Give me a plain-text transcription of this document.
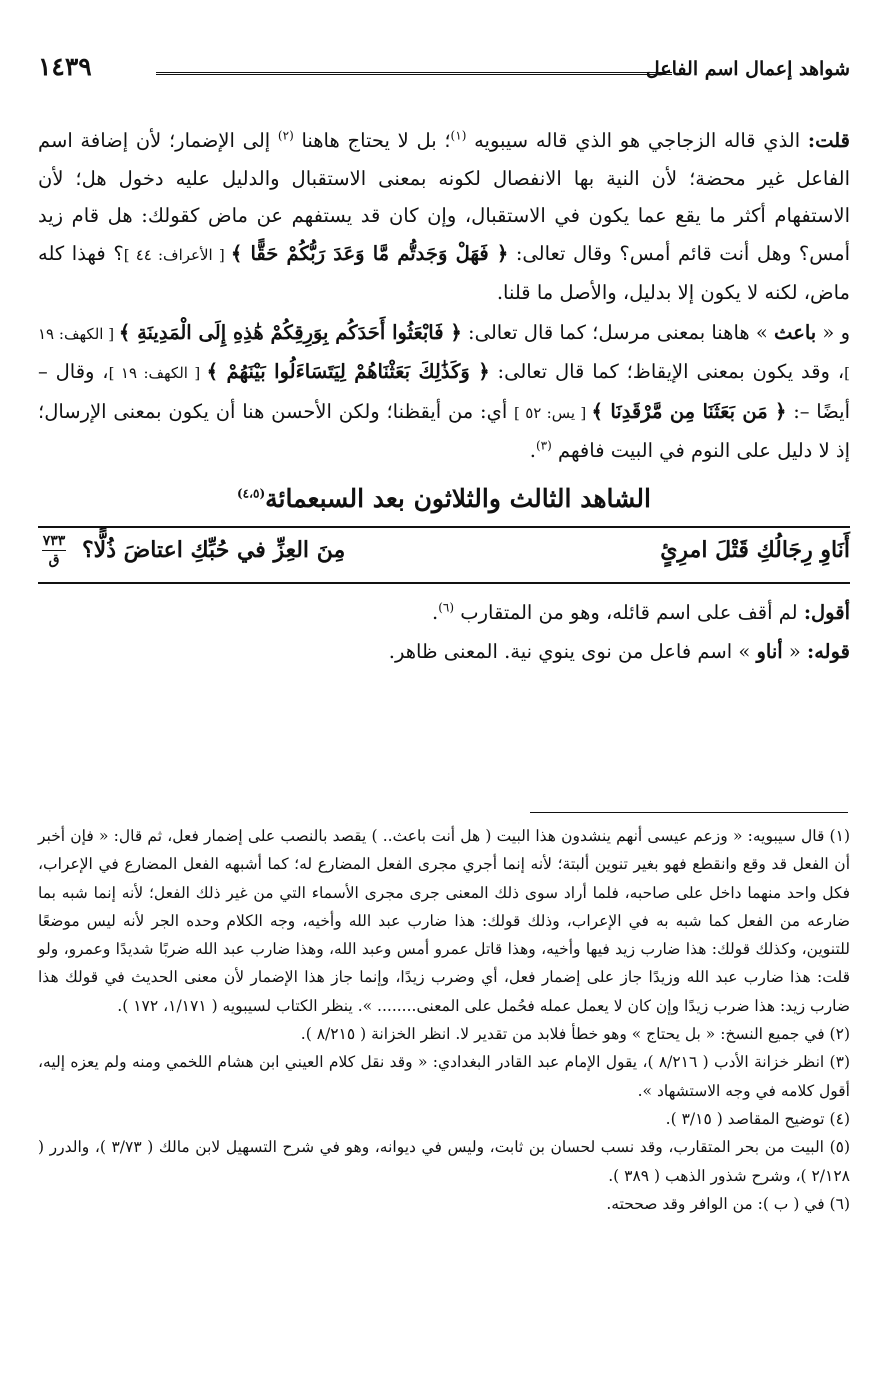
شواهد إعمال اسم الفاعل
١٤٣٩

قلت: الذي قاله الزجاجي هو الذي قاله سيبويه $^{(١)}$؛ بل لا يحتاج هاهنا $^{(٢)}$ إلى الإضمار؛ لأن إضافة اسم الفاعل غير محضة؛ لأن النية بها الانفصال لكونه بمعنى الاستقبال والدليل عليه دخول هل؛ لأن الاستفهام أكثر ما يقع عما يكون في الاستقبال، وإن كان قد يستفهم عن ماض كقولك: هل قام زيد أمس؟ وهل أنت قائم أمس؟ وقال تعالى: ﴿ فَهَلْ وَجَدتُّم مَّا وَعَدَ رَبُّكُمْ حَقًّا ﴾ [ الأعراف: ٤٤ ]؟ فهذا كله ماض، لكنه لا يكون إلا بدليل، والأصل ما قلنا.

و « باعث » هاهنا بمعنى مرسل؛ كما قال تعالى: ﴿ فَابْعَثُوا أَحَدَكُم بِوَرِقِكُمْ هَٰذِهِ إِلَى الْمَدِينَةِ ﴾ [ الكهف: ١٩ ]، وقد يكون بمعنى الإيقاظ؛ كما قال تعالى: ﴿ وَكَذَٰلِكَ بَعَثْنَاهُمْ لِيَتَسَاءَلُوا بَيْنَهُمْ ﴾ [ الكهف: ١٩ ]، وقال – أيضًا –: ﴿ مَن بَعَثَنَا مِن مَّرْقَدِنَا ﴾ [ يس: ٥٢ ] أي: من أيقظنا؛ ولكن الأحسن هنا أن يكون بمعنى الإرسال؛ إذ لا دليل على النوم في البيت فافهم $^{(٣)}$.

الشاهد الثالث والثلاثون بعد السبعمائة$^{(٤،٥)}$
أَنَاوِ رِجَالُكِ قَتْلَ امرِئٍ
مِنَ العِزِّ في حُبِّكِ اعتاضَ ذُلًّا؟
٧٣٣
ق

أقول: لم أقف على اسم قائله، وهو من المتقارب $^{(٦)}$.

قوله: « أناو » اسم فاعل من نوى ينوي نية. المعنى ظاهر.

(١) قال سيبويه: « وزعم عيسى أنهم ينشدون هذا البيت ( هل أنت باعث.. ) يقصد بالنصب على إضمار فعل، ثم قال: « فإن أخبر أن الفعل قد وقع وانقطع فهو بغير تنوين ألبتة؛ لأنه إنما أجري مجرى الفعل المضارع له؛ كما أشبهه الفعل المضارع في الإعراب، فكل واحد منهما داخل على صاحبه، فلما أراد سوى ذلك المعنى جرى مجرى الأسماء التي من غير ذلك الفعل؛ لأنه إنما شبه بما ضارعه من الفعل كما شبه به في الإعراب، وذلك قولك: هذا ضارب عبد الله وأخيه، وجه الكلام وحده الجر لأنه ليس موضعًا للتنوين، وكذلك قولك: هذا ضارب زيد فيها وأخيه، وهذا قاتل عمرو أمس وعبد الله، وهذا ضارب عبد الله ضربًا شديدًا وعمرو، ولو قلت: هذا ضارب عبد الله وزيدًا جاز على إضمار فعل، أي وضرب زيدًا، وإنما جاز هذا الإضمار لأن معنى الحديث في قولك هذا ضارب زيد: هذا ضرب زيدًا وإن كان لا يعمل عمله فحُمل على المعنى........ ». ينظر الكتاب لسيبويه ( ١/١٧١، ١٧٢ ).

(٢) في جميع النسخ: « بل يحتاج » وهو خطأ فلابد من تقدير لا. انظر الخزانة ( ٨/٢١٥ ).

(٣) انظر خزانة الأدب ( ٨/٢١٦ )، يقول الإمام عبد القادر البغدادي: « وقد نقل كلام العيني ابن هشام اللخمي ومنه ولم يعزه إليه، أقول كلامه في وجه الاستشهاد ».

(٤) توضيح المقاصد ( ٣/١٥ ).

(٥) البيت من بحر المتقارب، وقد نسب لحسان بن ثابت، وليس في ديوانه، وهو في شرح التسهيل لابن مالك ( ٣/٧٣ )، والدرر ( ٢/١٢٨ )، وشرح شذور الذهب ( ٣٨٩ ).

(٦) في ( ب ): من الوافر وقد صححته.
